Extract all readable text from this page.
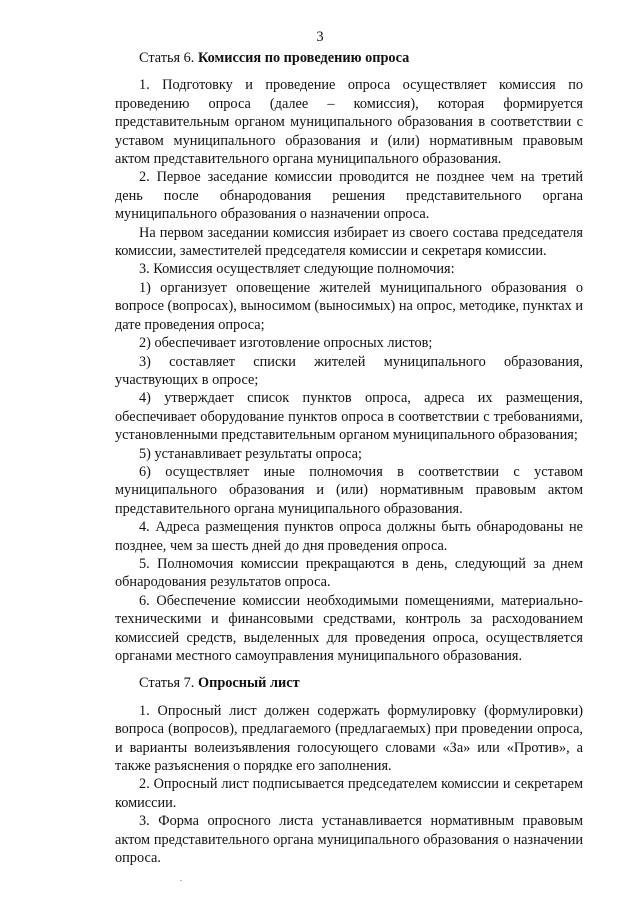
3

Статья 6. Комиссия по проведению опроса

1. Подготовку и проведение опроса осуществляет комиссия по проведению опроса (далее – комиссия), которая формируется представительным органом муниципального образования в соответствии с уставом муниципального образования и (или) нормативным правовым актом представительного органа муниципального образования.

2. Первое заседание комиссии проводится не позднее чем на третий день после обнародования решения представительного органа муниципального образования о назначении опроса.

На первом заседании комиссия избирает из своего состава председателя комиссии, заместителей председателя комиссии и секретаря комиссии.

3. Комиссия осуществляет следующие полномочия:

1) организует оповещение жителей муниципального образования о вопросе (вопросах), выносимом (выносимых) на опрос, методике, пунктах и дате проведения опроса;

2) обеспечивает изготовление опросных листов;

3) составляет списки жителей муниципального образования, участвующих в опросе;

4) утверждает список пунктов опроса, адреса их размещения, обеспечивает оборудование пунктов опроса в соответствии с требованиями, установленными представительным органом муниципального образования;

5) устанавливает результаты опроса;

6) осуществляет иные полномочия в соответствии с уставом муниципального образования и (или) нормативным правовым актом представительного органа муниципального образования.

4. Адреса размещения пунктов опроса должны быть обнародованы не позднее, чем за шесть дней до дня проведения опроса.

5. Полномочия комиссии прекращаются в день, следующий за днем обнародования результатов опроса.

6. Обеспечение комиссии необходимыми помещениями, материально-техническими и финансовыми средствами, контроль за расходованием комиссией средств, выделенных для проведения опроса, осуществляется органами местного самоуправления муниципального образования.

Статья 7. Опросный лист

1. Опросный лист должен содержать формулировку (формулировки) вопроса (вопросов), предлагаемого (предлагаемых) при проведении опроса, и варианты волеизъявления голосующего словами «За» или «Против», а также разъяснения о порядке его заполнения.

2. Опросный лист подписывается председателем комиссии и секретарем комиссии.

3. Форма опросного листа устанавливается нормативным правовым актом представительного органа муниципального образования о назначении опроса.
